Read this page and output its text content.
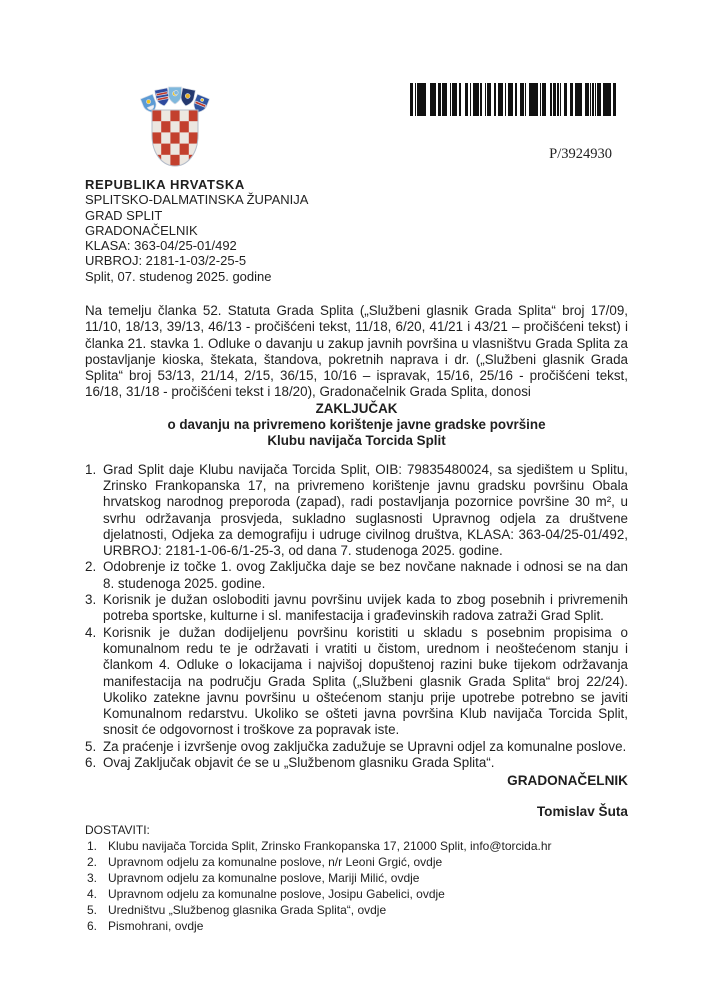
P/3924930
REPUBLIKA HRVATSKA
SPLITSKO-DALMATINSKA ŽUPANIJA
GRAD SPLIT
GRADONAČELNIK
KLASA: 363-04/25-01/492
URBROJ: 2181-1-03/2-25-5
Split, 07. studenog 2025. godine

Na temelju članka 52. Statuta Grada Splita („Službeni glasnik Grada Splita“ broj 17/09, 11/10, 18/13, 39/13, 46/13 - pročišćeni tekst, 11/18, 6/20, 41/21 i 43/21 – pročišćeni tekst) i članka 21. stavka 1. Odluke o davanju u zakup javnih površina u vlasništvu Grada Splita za postavljanje kioska, štekata, štandova, pokretnih naprava i dr. („Službeni glasnik Grada Splita“ broj 53/13, 21/14, 2/15, 36/15, 10/16 – ispravak, 15/16, 25/16 - pročišćeni tekst, 16/18, 31/18 - pročišćeni tekst i 18/20), Gradonačelnik Grada Splita, donosi

ZAKLJUČAK
o davanju na privremeno korištenje javne gradske površine
Klubu navijača Torcida Split
1. Grad Split daje Klubu navijača Torcida Split, OIB: 79835480024, sa sjedištem u Splitu, Zrinsko Frankopanska 17, na privremeno korištenje javnu gradsku površinu Obala hrvatskog narodnog preporoda (zapad), radi postavljanja pozornice površine 30 m², u svrhu održavanja prosvjeda, sukladno suglasnosti Upravnog odjela za društvene djelatnosti, Odjeka za demografiju i udruge civilnog društva, KLASA: 363-04/25-01/492, URBROJ: 2181-1-06-6/1-25-3, od dana 7. studenoga 2025. godine.
2. Odobrenje iz točke 1. ovog Zaključka daje se bez novčane naknade i odnosi se na dan 8. studenoga 2025. godine.
3. Korisnik je dužan osloboditi javnu površinu uvijek kada to zbog posebnih i privremenih potreba sportske, kulturne i sl. manifestacija i građevinskih radova zatraži Grad Split.
4. Korisnik je dužan dodijeljenu površinu koristiti u skladu s posebnim propisima o komunalnom redu te je održavati i vratiti u čistom, urednom i neoštećenom stanju i člankom 4. Odluke o lokacijama i najvišoj dopuštenoj razini buke tijekom održavanja manifestacija na području Grada Splita („Službeni glasnik Grada Splita“ broj 22/24). Ukoliko zatekne javnu površinu u oštećenom stanju prije upotrebe potrebno se javiti Komunalnom redarstvu. Ukoliko se ošteti javna površina Klub navijača Torcida Split, snosit će odgovornost i troškove za popravak iste.
5. Za praćenje i izvršenje ovog zaključka zadužuje se Upravni odjel za komunalne poslove.
6. Ovaj Zaključak objavit će se u „Službenom glasniku Grada Splita“.
GRADONAČELNIK
Tomislav Šuta
DOSTAVITI:
1. Klubu navijača Torcida Split, Zrinsko Frankopanska 17, 21000 Split, info@torcida.hr
2. Upravnom odjelu za komunalne poslove, n/r Leoni Grgić, ovdje
3. Upravnom odjelu za komunalne poslove, Mariji Milić, ovdje
4. Upravnom odjelu za komunalne poslove, Josipu Gabelici, ovdje
5. Uredništvu „Službenog glasnika Grada Splita“, ovdje
6. Pismohrani, ovdje
